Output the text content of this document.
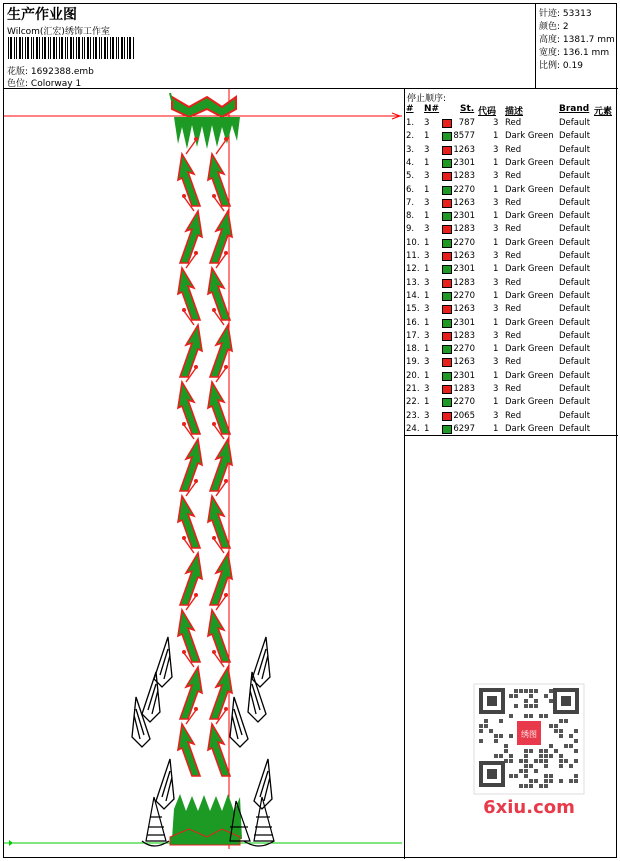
生产作业图
Wilcom(汇宏)绣饰工作室
花版: 1692388.emb
色位: Colorway 1
针迹: 53313
颜色: 2
高度: 1381.7 mm
宽度: 136.1 mm
比例: 0.19
停止顺序:
# N# St. 代码 描述	Brand 元素
1. 3	787 3 Red	Default
2. 1	8577 1 Dark Green Default
3. 3	1263 3 Red	Default
4. 1	2301 1 Dark Green Default
5. 3	1283 3 Red	Default
6. 1	2270 1 Dark Green Default
7. 3	1263 3 Red	Default
8. 1	2301 1 Dark Green Default
9. 3	1283 3 Red	Default
10. 1	2270 1 Dark Green Default
11. 3	1263 3 Red	Default
12. 1	2301 1 Dark Green Default
13. 3	1283 3 Red	Default
14. 1	2270 1 Dark Green Default
15. 3	1263 3 Red	Default
16. 1	2301 1 Dark Green Default
17. 3	1283 3 Red	Default
18. 1	2270 1 Dark Green Default
19. 3	1263 3 Red	Default
20. 1	2301 1 Dark Green Default
21. 3	1283 3 Red	Default
22. 1	2270 1 Dark Green Default
23. 3	2065 3 Red	Default
24. 1	6297 1 Dark Green Default
绣图
6xiu.com
